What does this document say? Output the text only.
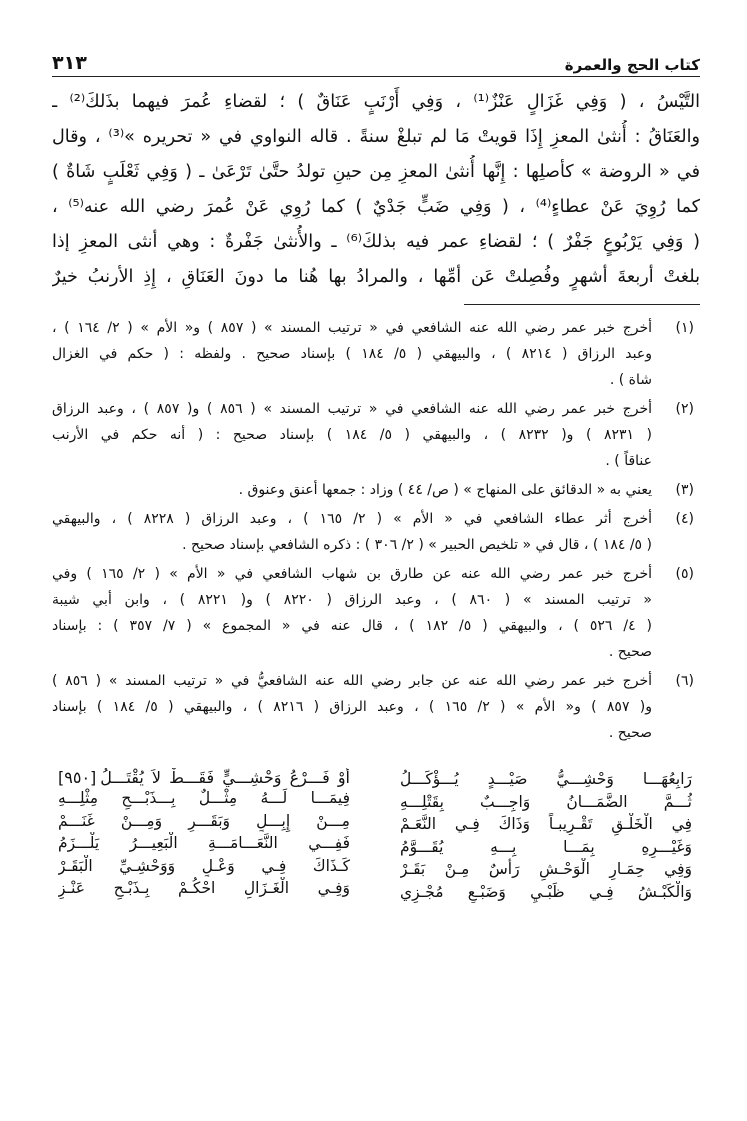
كتاب الحج والعمرة
٣١٣
التَّيْسُ ، ( وَفِي غَزَالٍ عَنْزٌ⁽¹⁾ ، وَفِي أَرْنَبٍ عَنَاقٌ ) ؛ لقضاءِ عُمرَ فيهما بذَلكَ⁽²⁾ ـ
والعَنَاقُ : أُنثىٰ المعزِ إِذَا قويتْ مَا لم تبلغْ سنةً . قاله النواوي في « تحريره »⁽³⁾ ، وقال
في « الروضة » كأصلِها : إِنَّها أُنثىٰ المعزِ مِن حينِ تولدُ حتَّىٰ تَرْعَىٰ ـ ( وَفِي ثَعْلَبٍ شَاةٌ )
كما رُوِيَ عَنْ عطاءٍ⁽⁴⁾ ، ( وَفِي ضَبٍّ جَدْيٌ ) كما رُوِي عَنْ عُمرَ رضي الله عنه⁽⁵⁾ ،
( وَفِي يَرْبُوعٍ جَفْرٌ ) ؛ لقضاءِ عمر فيه بذلكَ⁽⁶⁾ ـ والأُنثىٰ جَفْرةٌ : وهي أنثى المعزِ إذا
بلغتْ أربعةَ أشهرٍ وفُصِلتْ عَن أمِّها ، والمرادُ بها هُنا ما دونَ العَنَاقِ ، إِذِ الأرنبُ خيرٌ
(١)
أخرج خبر عمر رضي الله عنه الشافعي في « ترتيب المسند » ( ٨٥٧ ) و« الأم » ( ٢/ ١٦٤ ) ،
وعبد الرزاق ( ٨٢١٤ ) ، والبيهقي ( ٥/ ١٨٤ ) بإسناد صحيح . ولفظه : ( حكم في الغزال
شاة ) .
(٢)
أخرج خبر عمر رضي الله عنه الشافعي في « ترتيب المسند » ( ٨٥٦ ) و( ٨٥٧ ) ، وعبد الرزاق
( ٨٢٣١ ) و( ٨٢٣٢ ) ، والبيهقي ( ٥/ ١٨٤ ) بإسناد صحيح : ( أنه حكم في الأرنب
عناقاً ) .
(٣)
يعني به « الدقائق على المنهاج » ( ص/ ٤٤ ) وزاد : جمعها أعنق وعنوق .
(٤)
أخرج أثر عطاء الشافعي في « الأم » ( ٢/ ١٦٥ ) ، وعبد الرزاق ( ٨٢٢٨ ) ، والبيهقي
( ٥/ ١٨٤ ) ، قال في « تلخيص الحبير » ( ٢/ ٣٠٦ ) : ذكره الشافعي بإسناد صحيح .
(٥)
أخرج خبر عمر رضي الله عنه عن طارق بن شهاب الشافعي في « الأم » ( ٢/ ١٦٥ ) وفي
« ترتيب المسند » ( ٨٦٠ ) ، وعبد الرزاق ( ٨٢٢٠ ) و( ٨٢٢١ ) ، وابن أبي شيبة
( ٤/ ٥٢٦ ) ، والبيهقي ( ٥/ ١٨٢ ) ، قال عنه في « المجموع » ( ٧/ ٣٥٧ ) : بإسناد
صحيح .
(٦)
أخرج خبر عمر رضي الله عنه عن جابر رضي الله عنه الشافعيُّ في « ترتيب المسند » ( ٨٥٦ )
و( ٨٥٧ ) و« الأم » ( ٢/ ١٦٥ ) ، وعبد الرزاق ( ٨٢١٦ ) ، والبيهقي ( ٥/ ١٨٤ ) بإسناد
صحيح .
رَابِعُهَـــا وَحْشِـــيُّ صَيْـــدٍ يُـــؤْكَـــلُ
ثُـــمَّ الضَّمَـــانُ وَاجِـــبٌ بِقَتْلِـــهِ
فِي الْخَلْـقِ تَقْـرِيبـاً وَذَاكَ فِـي النَّعَـمْ
وَغَيْـــرِهِ بِمَـــا بِـــهِ يُقَـــوَّمُ
وَفِي حِمَـارِ الْوَحْـشِ رَأْسٌ مِـنْ بَقَـرْ
وَالْكَبْـشُ فِـي ظَبْـيٍ وَضَبْـعٍ مُجْـزِي
أَوْ فَـــرْعُ وَحْشِـــيٍّ فَقَـــطْ لاَ يُقْتَـــلُ
[٩٥٠]
فِيمَـــا لَـــهُ مِثْـــلٌ بِـــذَبْـــحِ مِثْلِـــهِ
مِـــنْ إِبِـــلٍ وَبَقَـــرٍ وَمِـــنْ غَنَـــمْ
فَفِـــي النَّعَـــامَـــةِ الْبَعِيـــرُ يَلْـــزَمُ
كَـذَاكَ فِـي وَعْـلٍ وَوَحْشِـيِّ الْبَقَـرْ
وَفِـي الْغَـزَالِ احْكُـمْ بِـذَبْـحِ عَنْـزِ
